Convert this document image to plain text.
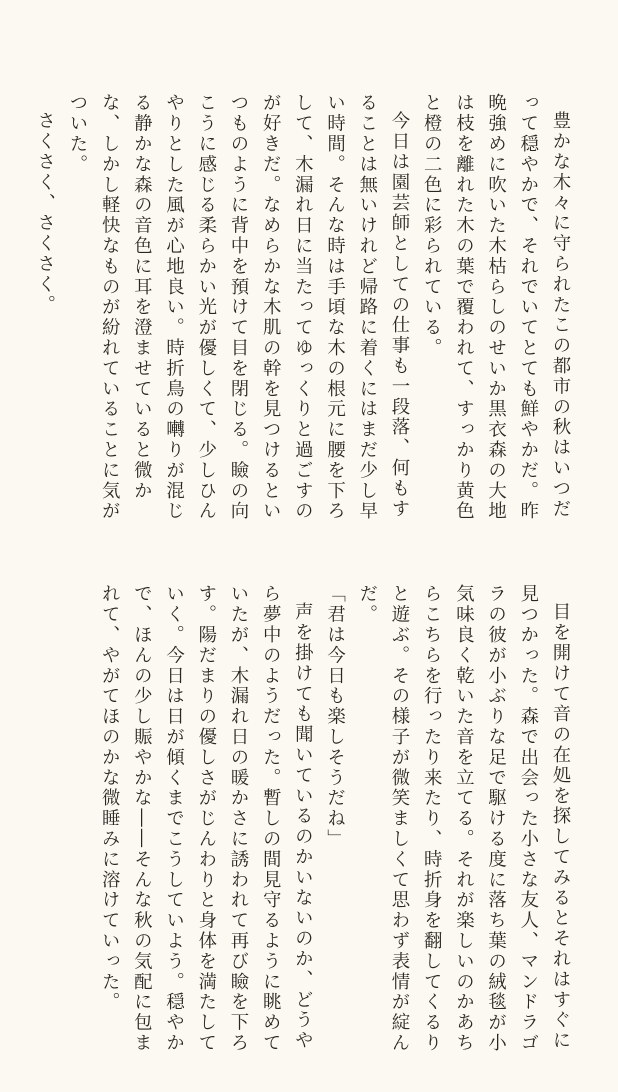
豊かな木々に守られたこの都市の秋はいつだって穏やかで、それでいてとても鮮やかだ。昨晩強めに吹いた木枯らしのせいか黒衣森の大地は枝を離れた木の葉で覆われて、すっかり黄色と橙の二色に彩られている。

今日は園芸師としての仕事も一段落、何もすることは無いけれど帰路に着くにはまだ少し早い時間。そんな時は手頃な木の根元に腰を下ろして、木漏れ日に当たってゆっくりと過ごすのが好きだ。なめらかな木肌の幹を見つけるといつものように背中を預けて目を閉じる。瞼の向こうに感じる柔らかい光が優しくて、少しひんやりとした風が心地良い。時折鳥の囀りが混じる静かな森の音色に耳を澄ませていると微かな、しかし軽快なものが紛れていることに気がついた。

さくさく、さくさく。

目を開けて音の在処を探してみるとそれはすぐに見つかった。森で出会った小さな友人、マンドラゴラの彼が小ぶりな足で駆ける度に落ち葉の絨毯が小気味良く乾いた音を立てる。それが楽しいのかあちらこちらを行ったり来たり、時折身を翻してくるりと遊ぶ。その様子が微笑ましくて思わず表情が綻んだ。

「君は今日も楽しそうだね」

声を掛けても聞いているのかいないのか、どうやら夢中のようだった。暫しの間見守るように眺めていたが、木漏れ日の暖かさに誘われて再び瞼を下ろす。陽だまりの優しさがじんわりと身体を満たしていく。今日は日が傾くまでこうしていよう。穏やかで、ほんの少し賑やかな――そんな秋の気配に包まれて、やがてほのかな微睡みに溶けていった。
